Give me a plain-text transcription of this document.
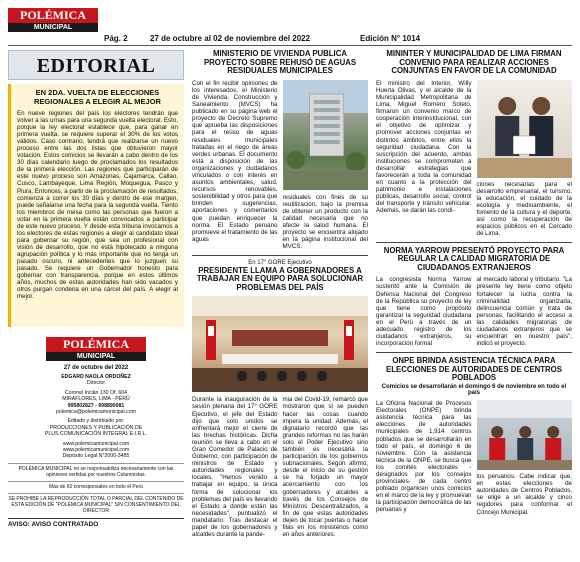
POLÉMICA
MUNICIPAL
Pág. 2	27 de octubre al 02 de noviembre del 2022	Edición N° 1014
EDITORIAL
EN 2DA. VUELTA DE ELECCIONES REGIONALES A ELEGIR AL MEJOR
En nueve regiones del país los electores tendrán que volver a las urnas para una segunda vuelta electoral. Esto, porque la ley electoral establece que, para ganar en primera vuelta, se requiere superar el 30% de los votos válidos. Caso contrario, tendrá que realizarse un nuevo proceso entre las dos listas que obtuvieron mayor votación. Estos comicios se llevarán a cabo dentro de los 30 días calendario luego de proclamados los resultados de la primera elección. Las regiones que participarán de este nuevo proceso son Amazonas, Cajamarca, Callao, Cusco, Lambayeque, Lima Región, Moquegua, Pasco y Piura. Entonces, a partir de la proclamación de resultados, comienza a correr los 30 días y dentro de ese margen, puede señalarse una fecha para la segunda vuelta. Tiento los miembros de mesa como las personas que fueron a votar en la primera vuelta están convocados a participar de este nuevo proceso. Y desde esta tribuna invocamos a los electores de estas regiones a elegir al candidato ideal para gobernar su región, que sea un profesional con visión de desarrollo, que no está hipotecado a ninguna agrupación política y lo más importante que no tenga un pasado oscuro, ni antecedentes que lo juzguen su pasado. Se requiere un Gobernador honesto para gobernar con transparencia, porque en estos últimos años, muchos de estas autoridades han sido vacados y otros purgan condena en una cárcel del país. A elegir al mejor.
POLÉMICA
MUNICIPAL
27 de octubre del 2022
EDGARD NAOLA ORDOÑEZ
Director
Coronel Inclán 130 Of. 604
MIRAFLORES, LIMA - PERÚ
995802827 - 998890081
polemica@polemicamunicipal.com
Editado y distribuido por:
PRODUCCIONES Y PUBLICACIÓN DE
PLUS COMUNICACIÓN INTEGRAL E.I.R.L.
www.polemicamunicipal.com
www.polemicamunicipal.com
Depósito Legal N°2000-3485
POLÉMICA MUNICIPAL no se responsabiliza necesariamente con las opiniones vertidas por nuestros Columnistas.
Más de 60 corresponsales en todo el Perú
SE PROHIBE LA REPRODUCCIÓN TOTAL O PARCIAL DEL CONTENIDO DE ESTA EDICIÓN DE "POLÉMICA MUNICIPAL" SIN CONSENTIMIENTO DEL DIRECTOR
AVISO: AVISO CONTRATADO
MINISTERIO DE VIVIENDA PUBLICA PROYECTO SOBRE REHUSÓ DE AGUAS RESIDUALES MUNICIPALES
Con el fin recibir opiniones de los interesados, el Ministerio de Vivienda, Construcción y Saneamiento (MVCS) ha publicado en su página web el proyecto de Decreto Supremo que aprueba las disposiciones para el reúso de aguas residuales municipales tratadas en el riego de áreas verdes urbanas. El documento está a disposición de las organizaciones y ciudadanos vinculados o con interés en asuntos ambientales, salud, recursos renovables, sostenibilidad y otros para que brinden sugerencias, aportaciones y comentarios que puedan enriquecer la norma. El Estado peruano promueve el tratamiento de las aguas
residuales con fines de su reutilización, bajo la premisa de obtener un producto con la calidad necesaria que no afecte la salud humana. El proyecto se encuentra alojado en la página institucional del MVCS.
En 17° GORE Ejecutivo
PRESIDENTE LLAMA A GOBERNADORES A TRABAJAR EN EQUIPO PARA SOLUCIONAR PROBLEMAS DEL PAÍS
Durante la inauguración de la sesión plenaria del 17° GORE Ejecutivo, el jefe del Estado dijo que solo unidos se enfrentará mejor el cierre de las brechas históricas. Dicha reunión se lleva a cabo en el Gran Comedor de Palacio de Gobierno, con participación de ministros de Estado y autoridades regionales y locales. "Hemos venido a trabajar en equipo, la única forma de solucionar los problemas del país es llevando el Estado a donde están las necesidades", puntualizó el mandatario. Tras destacar el papel de los gobernadores y alcaldes durante la pande-
mia del Covid-19, remarcó que mostraron que sí se pueden hacer las cosas cuando impera la unidad. Además, el dignatario recordó que las grandes reformas no las harán solo el Poder Ejecutivo sino también es necesaria la participación de los gobiernos subnacionales. Según afirmó, desde el inicio de su gestión se ha forjado un mayor acercamiento con los gobernadores y alcaldes a través de los Consejos de Ministros Descentralizados, a fin de que estas autoridades dejen de tocar puertas o hacer filas en los ministerios como en años anteriores.
MININTER Y MUNICIPALIDAD DE LIMA FIRMAN CONVENIO PARA REALIZAR ACCIONES CONJUNTAS EN FAVOR DE LA COMUNIDAD
El ministro del Interior, Willy Huerta Olivas, y el alcalde de la Municipalidad Metropolitana de Lima, Miguel Romero Sotelo, firmaron un convenio marco de cooperación interinstitucional, con el objetivo de optimizar y promover acciones conjuntas en distintos ámbitos, entre ellos la seguridad ciudadana. Con la suscripción del acuerdo, ambas instituciones se comprometen a desarrollar estrategias que favorecerán a toda la comunidad en cuanto a la protección del patrimonio e instalaciones públicas, desarrollo social, control del transporte y tránsito vehicular. Además, se darán las condi-
ciones necesarias para el desarrollo empresarial, el turismo, la educación, el cuidado de la ecología y medioambiente, el fomento de la cultura y el deporte, así como la recuperación de espacios públicos en el Cercado de Lima.
NORMA YARROW PRESENTÓ PROYECTO PARA REGULAR LA CALIDAD MIGRATORIA DE CIUDADANOS EXTRANJEROS
La congresista Norma Yarrow sustentó ante la Comisión de Defensa Nacional del Congreso de la República su proyecto de ley que tiene como propósito garantizar la seguridad ciudadana en el Perú a través de un adecuado registro de los ciudadanos extranjeros, su incorporación formal
al mercado laboral y tributario. "La presente ley tiene como objeto fortalecer la lucha contra la criminalidad organizada, delincuencia común y trata de personas, facilitando el acceso a las calidades migratorias de ciudadanos extranjeros que se encuentran en nuestro país", indicó el proyecto.
ONPE BRINDA ASISTENCIA TÉCNICA PARA ELECCIONES DE AUTORIDADES DE CENTROS POBLADOS
Comicios se desarrollarán el domingo 6 de noviembre en todo el país
La Oficina Nacional de Procesos Electorales (ONPE) brinda asistencia técnica para las elecciones de autoridades municipales de 1,914 centros poblados que se desarrollarán en todo el país, el domingo 6 de noviembre. Con la asistencia técnica de la ONPE, se busca que los comités electorales -designados por los consejos provinciales- de cada centro poblado organicen unos comicios en el marco de la ley y promuevan la participación democrática de las peruanas y
los peruanos. Cabe indicar que, en estas elecciones de autoridades de Centros Poblados, se elige a un alcalde y cinco regidores para conformar el Concejo Municipal.
